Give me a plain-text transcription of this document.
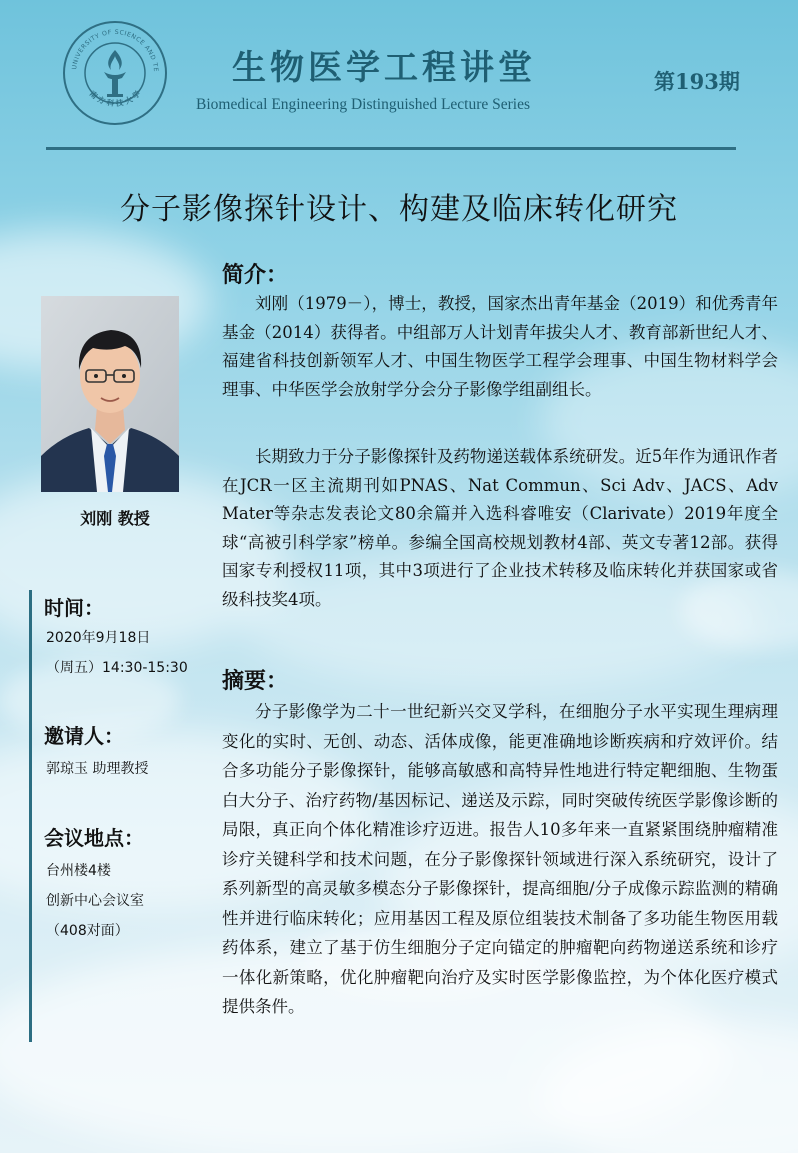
UNIVERSITY OF SCIENCE AND TE
南 方 科 技 大 学
生物医学工程讲堂
Biomedical Engineering Distinguished Lecture Series
第193期
分子影像探针设计、构建及临床转化研究
刘刚 教授
时间：
2020年9月18日
（周五）14:30-15:30
邀请人：
郭琼玉 助理教授
会议地点：
台州楼4楼
创新中心会议室
（408对面）
简介：

刘刚（1979－），博士，教授，国家杰出青年基金（2019）和优秀青年基金（2014）获得者。中组部万人计划青年拔尖人才、教育部新世纪人才、福建省科技创新领军人才、中国生物医学工程学会理事、中国生物材料学会理事、中华医学会放射学分会分子影像学组副组长。

长期致力于分子影像探针及药物递送载体系统研发。近5年作为通讯作者在JCR一区主流期刊如PNAS、Nat Commun、Sci Adv、JACS、Adv Mater等杂志发表论文80余篇并入选科睿唯安（Clarivate）2019年度全球“高被引科学家”榜单。参编全国高校规划教材4部、英文专著12部。获得国家专利授权11项，其中3项进行了企业技术转移及临床转化并获国家或省级科技奖4项。

摘要：

分子影像学为二十一世纪新兴交叉学科，在细胞分子水平实现生理病理变化的实时、无创、动态、活体成像，能更准确地诊断疾病和疗效评价。结合多功能分子影像探针，能够高敏感和高特异性地进行特定靶细胞、生物蛋白大分子、治疗药物/基因标记、递送及示踪，同时突破传统医学影像诊断的局限，真正向个体化精准诊疗迈进。报告人10多年来一直紧紧围绕肿瘤精准诊疗关键科学和技术问题，在分子影像探针领域进行深入系统研究，设计了系列新型的高灵敏多模态分子影像探针，提高细胞/分子成像示踪监测的精确性并进行临床转化；应用基因工程及原位组装技术制备了多功能生物医用载药体系，建立了基于仿生细胞分子定向锚定的肿瘤靶向药物递送系统和诊疗一体化新策略，优化肿瘤靶向治疗及实时医学影像监控，为个体化医疗模式提供条件。
